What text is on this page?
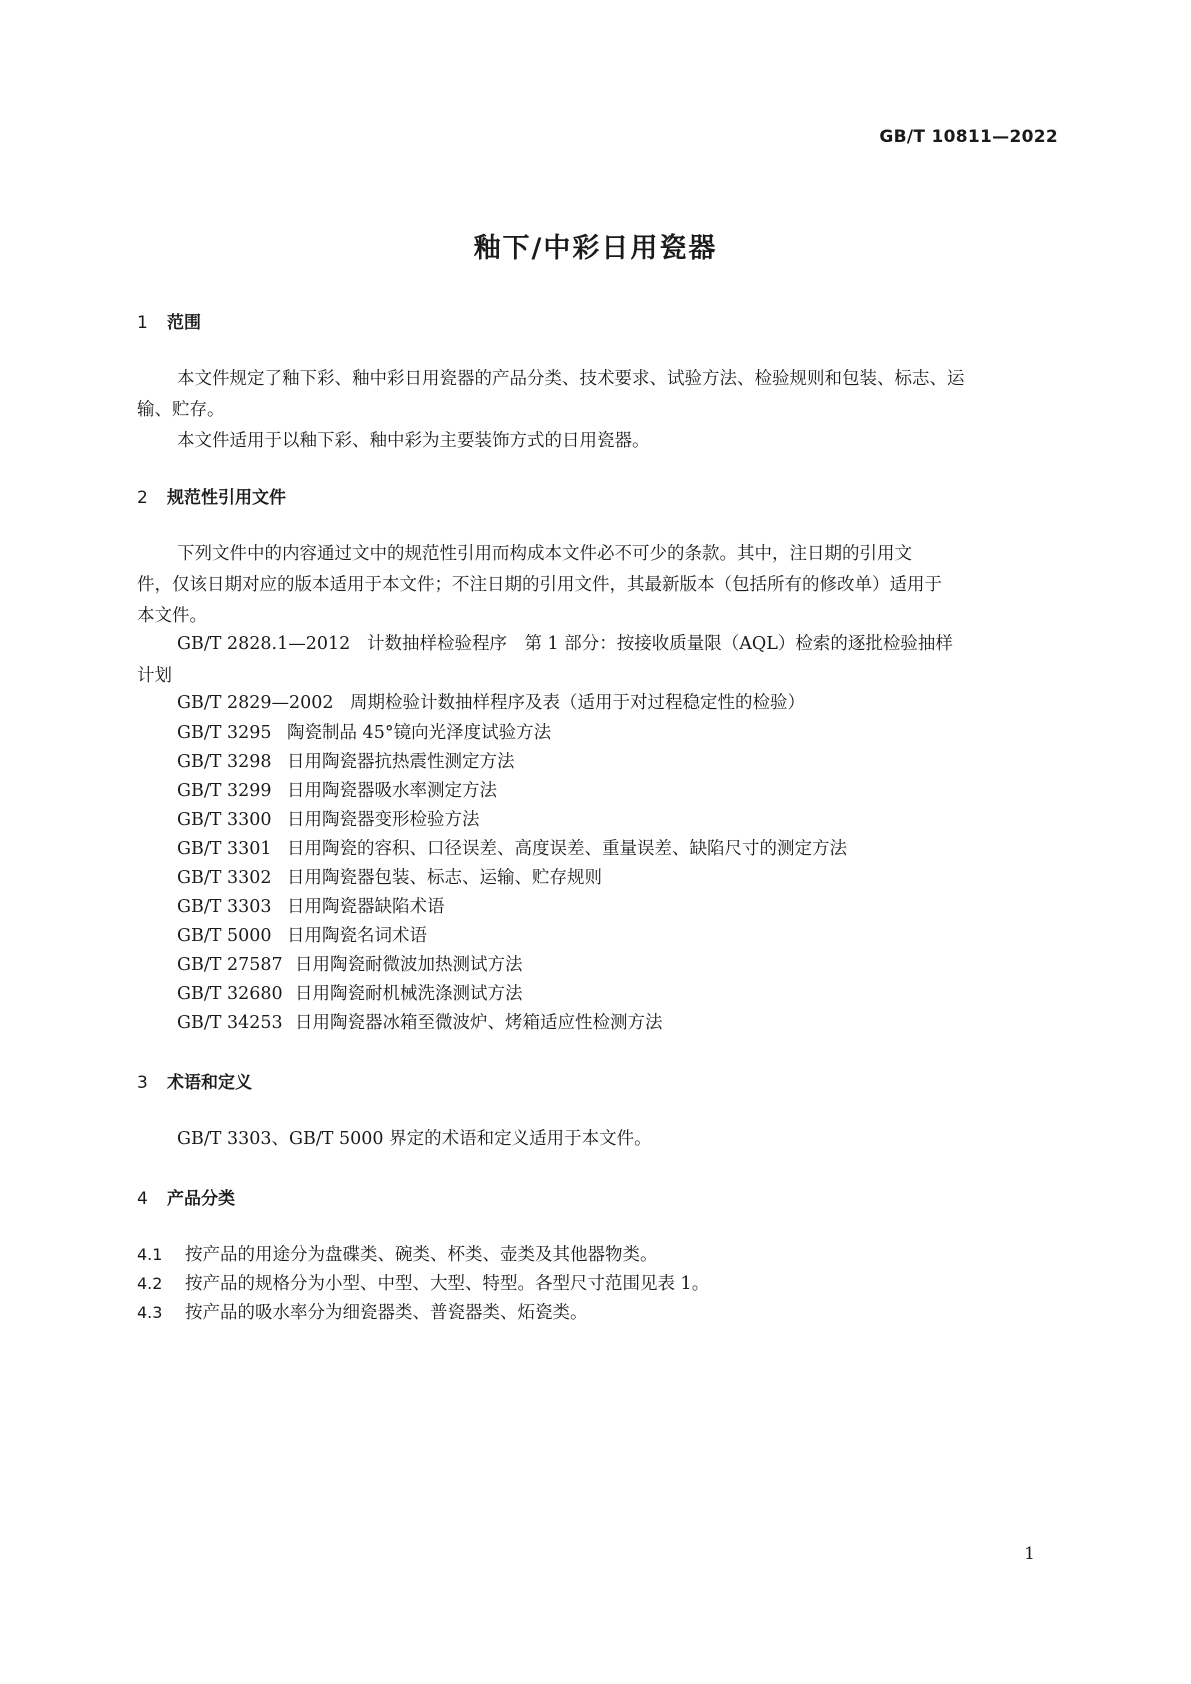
GB/T 10811—2022
釉下/中彩日用瓷器
1 范围
本文件规定了釉下彩、釉中彩日用瓷器的产品分类、技术要求、试验方法、检验规则和包装、标志、运
输、贮存。
本文件适用于以釉下彩、釉中彩为主要装饰方式的日用瓷器。
2 规范性引用文件
下列文件中的内容通过文中的规范性引用而构成本文件必不可少的条款。其中，注日期的引用文
件，仅该日期对应的版本适用于本文件；不注日期的引用文件，其最新版本（包括所有的修改单）适用于
本文件。
GB/T 2828.1—2012 计数抽样检验程序　第 1 部分：按接收质量限（AQL）检索的逐批检验抽样
计划
GB/T 2829—2002 周期检验计数抽样程序及表（适用于对过程稳定性的检验）
GB/T 3295 陶瓷制品 45°镜向光泽度试验方法
GB/T 3298 日用陶瓷器抗热震性测定方法
GB/T 3299 日用陶瓷器吸水率测定方法
GB/T 3300 日用陶瓷器变形检验方法
GB/T 3301 日用陶瓷的容积、口径误差、高度误差、重量误差、缺陷尺寸的测定方法
GB/T 3302 日用陶瓷器包装、标志、运输、贮存规则
GB/T 3303 日用陶瓷器缺陷术语
GB/T 5000 日用陶瓷名词术语
GB/T 27587 日用陶瓷耐微波加热测试方法
GB/T 32680 日用陶瓷耐机械洗涤测试方法
GB/T 34253 日用陶瓷器冰箱至微波炉、烤箱适应性检测方法
3 术语和定义
GB/T 3303、GB/T 5000 界定的术语和定义适用于本文件。
4 产品分类
4.1 按产品的用途分为盘碟类、碗类、杯类、壶类及其他器物类。
4.2 按产品的规格分为小型、中型、大型、特型。各型尺寸范围见表 1。
4.3 按产品的吸水率分为细瓷器类、普瓷器类、炻瓷类。
1
